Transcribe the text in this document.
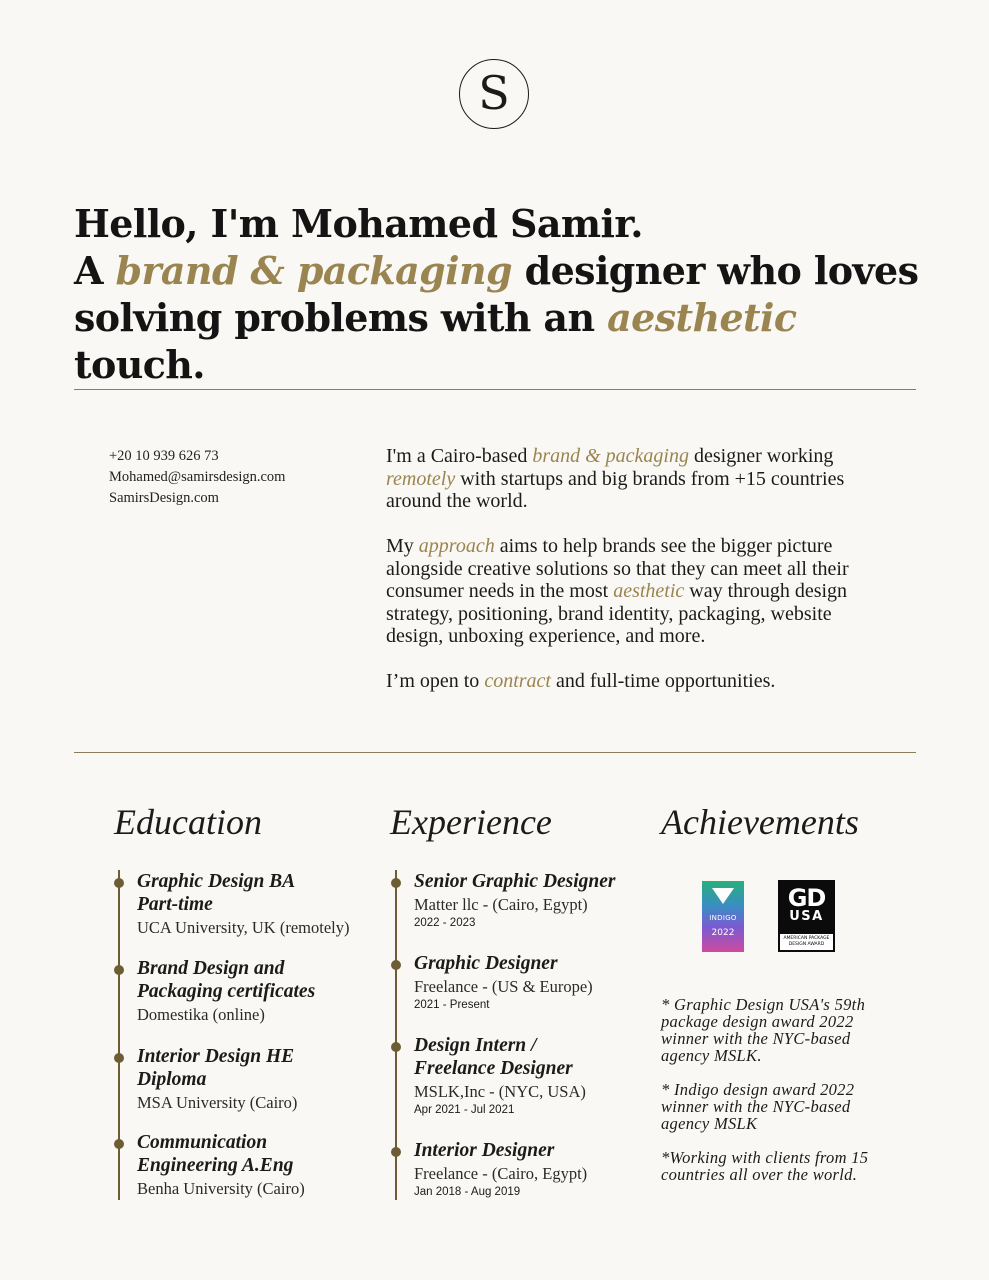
S
Hello, I'm Mohamed Samir.
A brand & packaging designer who loves
solving problems with an aesthetic touch.
+20 10 939 626 73
Mohamed@samirsdesign.com
SamirsDesign.com

I'm a Cairo-based brand & packaging designer working remotely with startups and big brands from +15 countries around the world.

My approach aims to help brands see the bigger picture alongside creative solutions so that they can meet all their consumer needs in the most aesthetic way through design strategy, positioning, brand identity, packaging, website design, unboxing experience, and more.

I’m open to contract and full-time opportunities.

Education	Experience	Achievements
Graphic Design BA Part-time
UCA University, UK (remotely)
Brand Design and Packaging certificates
Domestika (online)
Interior Design HE Diploma
MSA University (Cairo)
Communication Engineering A.Eng
Benha University (Cairo)
Senior Graphic Designer
Matter llc - (Cairo, Egypt)
2022 - 2023
Graphic Designer
Freelance - (US & Europe)
2021 - Present
Design Intern / Freelance Designer
MSLK,Inc - (NYC, USA)
Apr 2021 - Jul 2021
Interior Designer
Freelance - (Cairo, Egypt)
Jan 2018 - Aug 2019
INDIGO
2022
GD
USA
AMERICAN PACKAGE DESIGN AWARD

* Graphic Design USA's 59th package design award 2022 winner with the NYC-based agency MSLK.

* Indigo design award 2022 winner with the NYC-based agency MSLK

*Working with clients from 15 countries all over the world.
